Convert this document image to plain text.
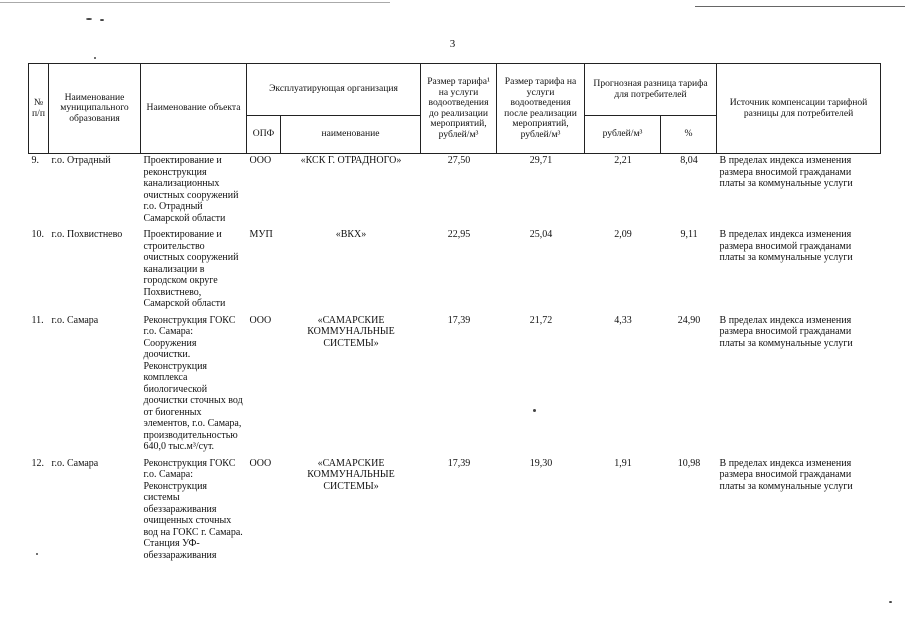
3
№ п/п	Наименование муниципального образования	Наименование объекта	Эксплуатирующая организация		Размер тарифа¹ на услуги водоотведения до реализации мероприятий, рублей/м³	Размер тарифа на услуги водоотведения после реализации мероприятий, рублей/м³	Прогнозная разница тарифа для потребителей		Источник компенсации тарифной разницы для потребителей
			ОПФ	наименование			рублей/м³	%	
9.	г.о. Отрадный	Проектирование и реконструкция канализационных очистных сооружений г.о. Отрадный Самарской области	ООО	«КСК Г. ОТРАДНОГО»	27,50	29,71	2,21	8,04	В пределах индекса изменения размера вносимой гражданами платы за коммунальные услуги
10.	г.о. Похвистнево	Проектирование и строительство очистных сооружений канализации в городском округе Похвистнево, Самарской области	МУП	«ВКХ»	22,95	25,04	2,09	9,11	В пределах индекса изменения размера вносимой гражданами платы за коммунальные услуги
11.	г.о. Самара	Реконструкция ГОКС г.о. Самара: Сооружения доочистки. Реконструкция комплекса биологической доочистки сточных вод от биогенных элементов, г.о. Самара, производительностью 640,0 тыс.м³/сут.	ООО	«САМАРСКИЕ КОММУНАЛЬНЫЕ СИСТЕМЫ»	17,39	21,72	4,33	24,90	В пределах индекса изменения размера вносимой гражданами платы за коммунальные услуги
12.	г.о. Самара	Реконструкция ГОКС г.о. Самара: Реконструкция системы обеззараживания очищенных сточных вод на ГОКС г. Самара. Станция УФ-обеззараживания	ООО	«САМАРСКИЕ КОММУНАЛЬНЫЕ СИСТЕМЫ»	17,39	19,30	1,91	10,98	В пределах индекса изменения размера вносимой гражданами платы за коммунальные услуги
